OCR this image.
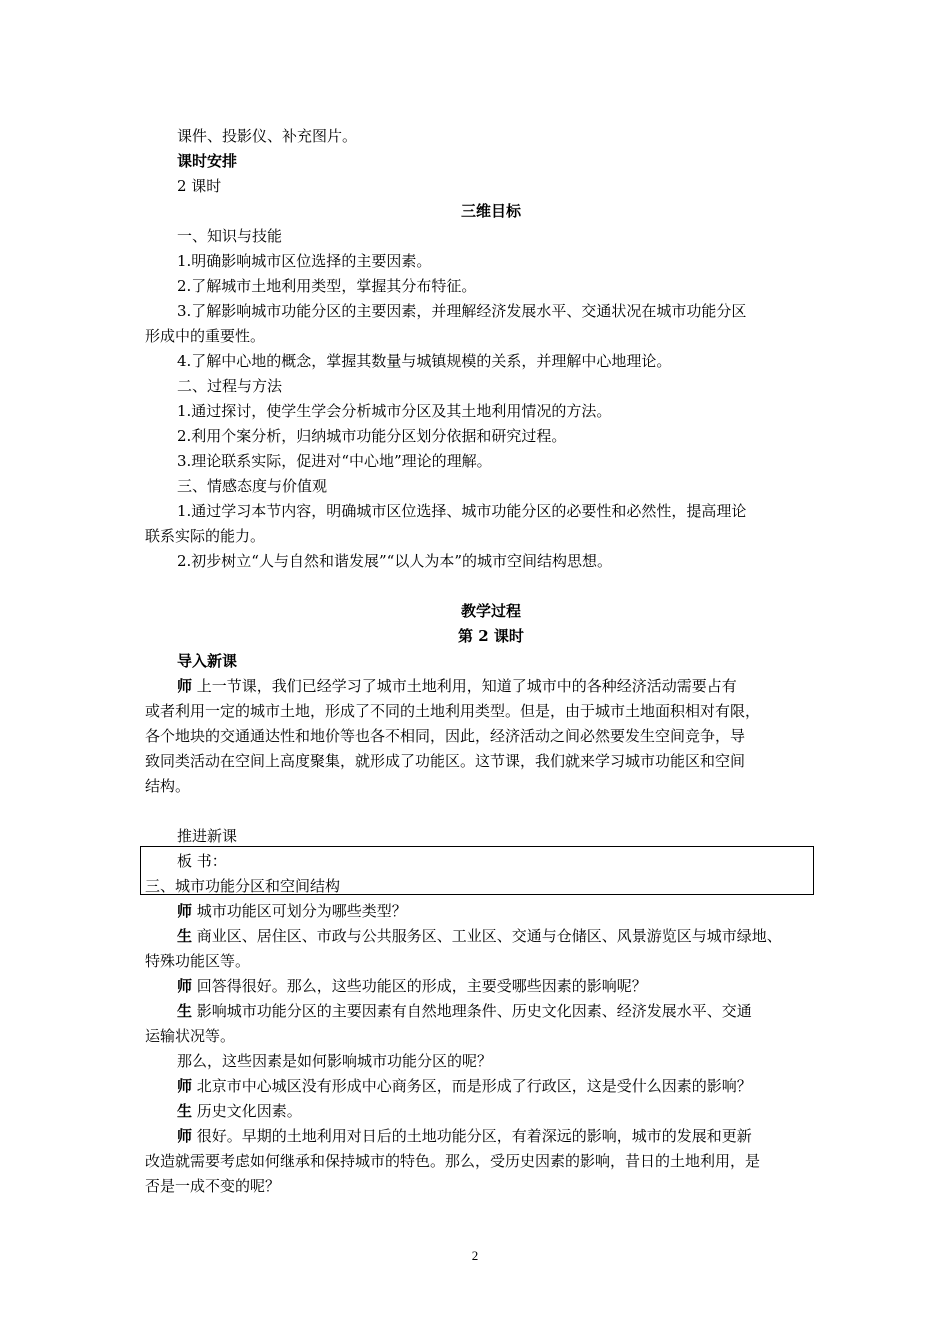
课件、投影仪、补充图片。
课时安排
2 课时
三维目标
一、知识与技能
1.明确影响城市区位选择的主要因素。
2.了解城市土地利用类型，掌握其分布特征。
3.了解影响城市功能分区的主要因素，并理解经济发展水平、交通状况在城市功能分区
形成中的重要性。
4.了解中心地的概念，掌握其数量与城镇规模的关系，并理解中心地理论。
二、过程与方法
1.通过探讨，使学生学会分析城市分区及其土地利用情况的方法。
2.利用个案分析，归纳城市功能分区划分依据和研究过程。
3.理论联系实际，促进对“中心地”理论的理解。
三、情感态度与价值观
1.通过学习本节内容，明确城市区位选择、城市功能分区的必要性和必然性，提高理论
联系实际的能力。
2.初步树立“人与自然和谐发展”“以人为本”的城市空间结构思想。
教学过程
第 2 课时
导入新课
师 上一节课，我们已经学习了城市土地利用，知道了城市中的各种经济活动需要占有
或者利用一定的城市土地，形成了不同的土地利用类型。但是，由于城市土地面积相对有限，
各个地块的交通通达性和地价等也各不相同，因此，经济活动之间必然要发生空间竞争，导
致同类活动在空间上高度聚集，就形成了功能区。这节课，我们就来学习城市功能区和空间
结构。
推进新课
板 书：
三、城市功能分区和空间结构
师 城市功能区可划分为哪些类型？
生 商业区、居住区、市政与公共服务区、工业区、交通与仓储区、风景游览区与城市绿地、
特殊功能区等。
师 回答得很好。那么，这些功能区的形成，主要受哪些因素的影响呢？
生 影响城市功能分区的主要因素有自然地理条件、历史文化因素、经济发展水平、交通
运输状况等。
那么，这些因素是如何影响城市功能分区的呢？
师 北京市中心城区没有形成中心商务区，而是形成了行政区，这是受什么因素的影响？
生 历史文化因素。
师 很好。早期的土地利用对日后的土地功能分区，有着深远的影响，城市的发展和更新
改造就需要考虑如何继承和保持城市的特色。那么，受历史因素的影响，昔日的土地利用，是
否是一成不变的呢？
2
